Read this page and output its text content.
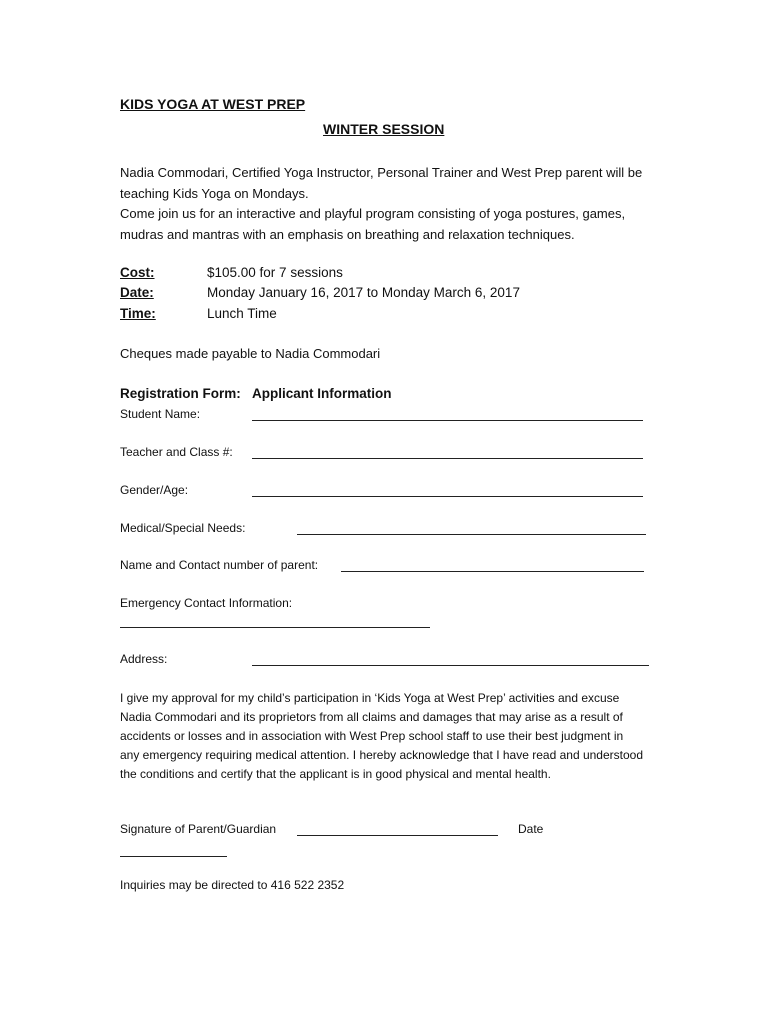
KIDS YOGA AT WEST PREP
WINTER SESSION

Nadia Commodari, Certified Yoga Instructor, Personal Trainer and West Prep parent will be teaching Kids Yoga on Mondays.

Come join us for an interactive and playful program consisting of yoga postures, games, mudras and mantras with an emphasis on breathing and relaxation techniques.

Cost:	$105.00 for 7 sessions
Date:	Monday January 16, 2017 to Monday March 6, 2017
Time:	Lunch Time
Cheques made payable to Nadia Commodari
Registration Form: Applicant Information
Student Name:
Teacher and Class #:
Gender/Age:
Medical/Special Needs:
Name and Contact number of parent:
Emergency Contact Information:
Address:
I give my approval for my child’s participation in ‘Kids Yoga at West Prep’ activities and excuse Nadia Commodari and its proprietors from all claims and damages that may arise as a result of accidents or losses and in association with West Prep school staff to use their best judgment in any emergency requiring medical attention. I hereby acknowledge that I have read and understood the conditions and certify that the applicant is in good physical and mental health.
Signature of Parent/Guardian	Date
Inquiries may be directed to 416 522 2352
